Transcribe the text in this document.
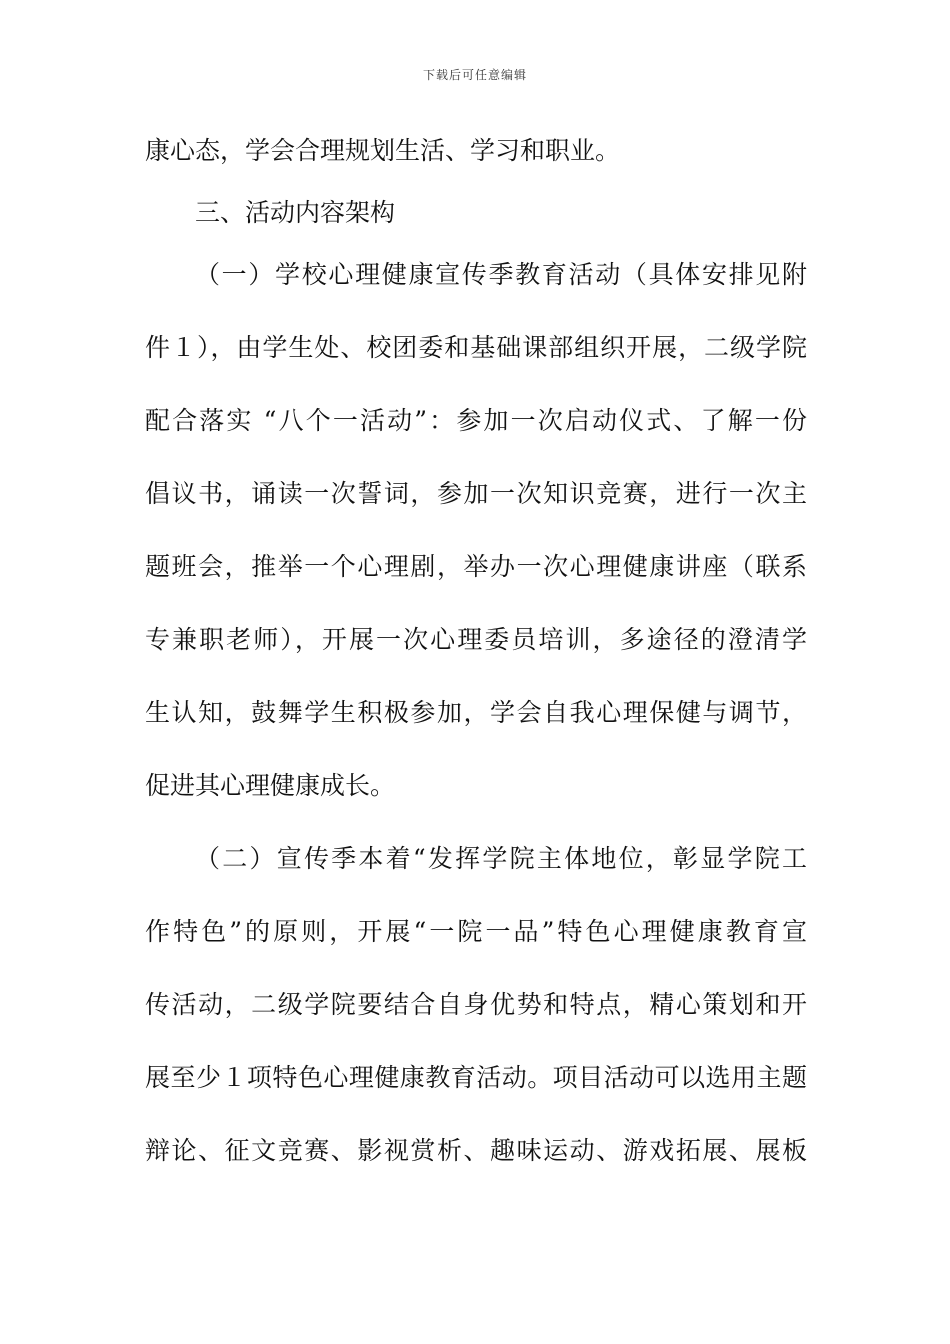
下载后可任意编辑
康心态，学会合理规划生活、学习和职业。
三、活动内容架构
（一）学校心理健康宣传季教育活动（具体安排见附
件１），由学生处、校团委和基础课部组织开展，二级学院
配合落实 “八个一活动”：参加一次启动仪式、了解一份
倡议书，诵读一次誓词，参加一次知识竞赛，进行一次主
题班会，推举一个心理剧，举办一次心理健康讲座（联系
专兼职老师），开展一次心理委员培训，多途径的澄清学
生认知，鼓舞学生积极参加，学会自我心理保健与调节，
促进其心理健康成长。
（二）宣传季本着“发挥学院主体地位，彰显学院工
作特色”的原则，开展“一院一品”特色心理健康教育宣
传活动，二级学院要结合自身优势和特点，精心策划和开
展至少１项特色心理健康教育活动。项目活动可以选用主题
辩论、征文竞赛、影视赏析、趣味运动、游戏拓展、展板
